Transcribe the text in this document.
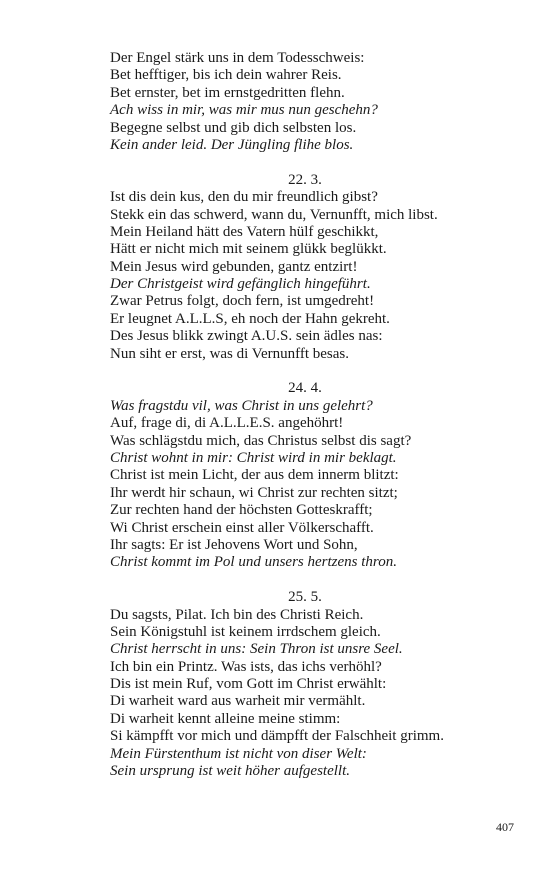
Der Engel stärk uns in dem Todesschweis:
Bet hefftiger, bis ich dein wahrer Reis.
Bet ernster, bet im ernstgedritten flehn.
Ach wiss in mir, was mir mus nun geschehn?
Begegne selbst und gib dich selbsten los.
Kein ander leid. Der Jüngling flihe blos.
22. 3.
Ist dis dein kus, den du mir freundlich gibst?
Stekk ein das schwerd, wann du, Vernunfft, mich libst.
Mein Heiland hätt des Vatern hülf geschikkt,
Hätt er nicht mich mit seinem glükk beglükkt.
Mein Jesus wird gebunden, gantz entzirt!
Der Christgeist wird gefänglich hingeführt.
Zwar Petrus folgt, doch fern, ist umgedreht!
Er leugnet A.L.L.S, eh noch der Hahn gekreht.
Des Jesus blikk zwingt A.U.S. sein ädles nas:
Nun siht er erst, was di Vernunfft besas.
24. 4.
Was fragstdu vil, was Christ in uns gelehrt?
Auf, frage di, di A.L.L.E.S. angehöhrt!
Was schlägstdu mich, das Christus selbst dis sagt?
Christ wohnt in mir: Christ wird in mir beklagt.
Christ ist mein Licht, der aus dem innerm blitzt:
Ihr werdt hir schaun, wi Christ zur rechten sitzt;
Zur rechten hand der höchsten Gotteskrafft;
Wi Christ erschein einst aller Völkerschafft.
Ihr sagts: Er ist Jehovens Wort und Sohn,
Christ kommt im Pol und unsers hertzens thron.
25. 5.
Du sagsts, Pilat. Ich bin des Christi Reich.
Sein Königstuhl ist keinem irrdschem gleich.
Christ herrscht in uns: Sein Thron ist unsre Seel.
Ich bin ein Printz. Was ists, das ichs verhöhl?
Dis ist mein Ruf, vom Gott im Christ erwählt:
Di warheit ward aus warheit mir vermählt.
Di warheit kennt alleine meine stimm:
Si kämpfft vor mich und dämpfft der Falschheit grimm.
Mein Fürstenthum ist nicht von diser Welt:
Sein ursprung ist weit höher aufgestellt.
407
